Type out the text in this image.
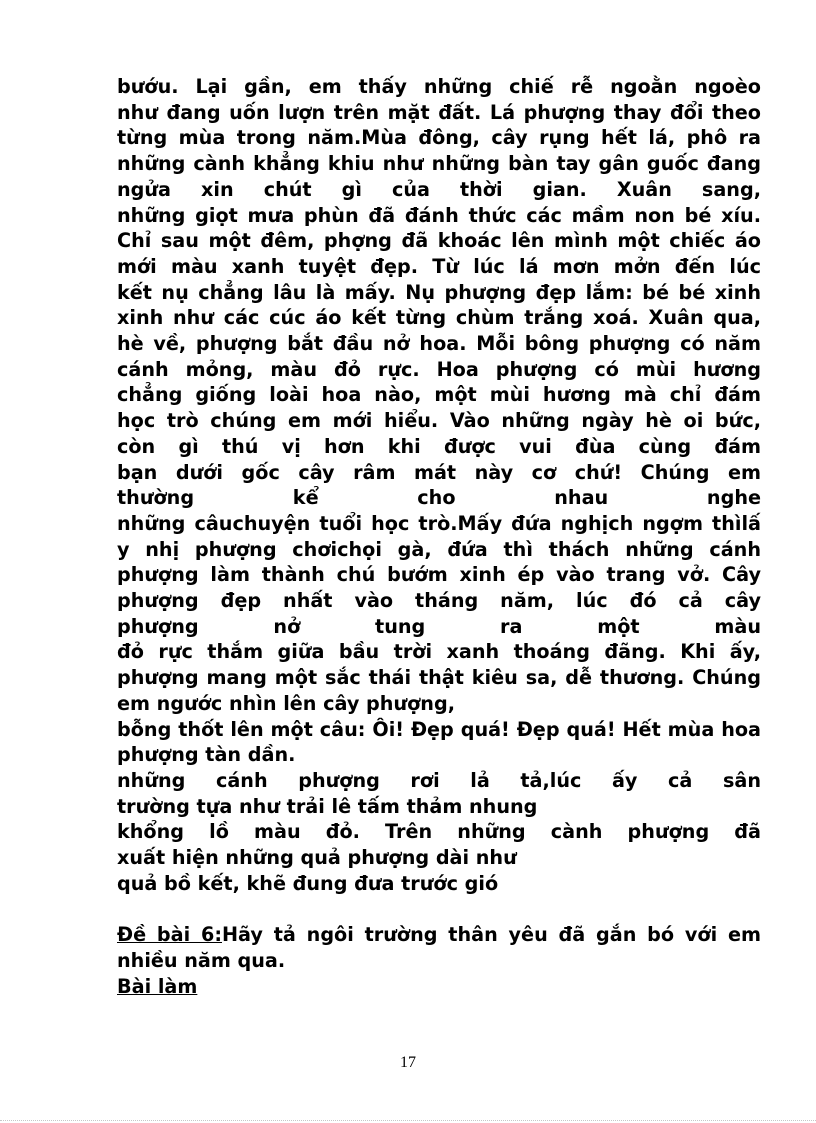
bướu. Lại gần, em thấy những chiế rễ ngoằn ngoèo
như đang uốn lượn trên mặt đất. Lá phượng thay đổi theo
từng mùa trong năm.Mùa đông, cây rụng hết lá, phô ra
những cành khẳng khiu như những bàn tay gân guốc đang
ngửa xin chút gì của thời gian. Xuân sang,
những giọt mưa phùn đã đánh thức các mầm non bé xíu.
Chỉ sau một đêm, phợng đã khoác lên mình một chiếc áo
mới màu xanh tuyệt đẹp. Từ lúc lá mơn mởn đến lúc
kết nụ chẳng lâu là mấy. Nụ phượng đẹp lắm: bé bé xinh
xinh như các cúc áo kết từng chùm trắng xoá. Xuân qua,
hè về, phượng bắt đầu nở hoa. Mỗi bông phượng có năm
cánh mỏng, màu đỏ rực. Hoa phượng có mùi hương
chẳng giống loài hoa nào, một mùi hương mà chỉ đám
học trò chúng em mới hiểu. Vào những ngày hè oi bức,
còn gì thú vị hơn khi được vui đùa cùng đám
bạn dưới gốc cây râm mát này cơ chứ! Chúng em
thường kể cho nhau nghe
những câuchuyện tuổi học trò.Mấy đứa nghịch ngợm thìlấ
y nhị phượng chơichọi gà, đứa thì thách những cánh
phượng làm thành chú bướm xinh ép vào trang vở. Cây
phượng đẹp nhất vào tháng năm, lúc đó cả cây
phượng nở tung ra một màu
đỏ rực thắm giữa bầu trời xanh thoáng đãng. Khi ấy,
phượng mang một sắc thái thật kiêu sa, dễ thương. Chúng
em ngước nhìn lên cây phượng,
bỗng thốt lên một câu: Ôi! Đẹp quá! Đẹp quá! Hết mùa hoa
phượng tàn dần.
những cánh phượng rơi lả tả,lúc ấy cả sân
trường tựa như trải lê tấm thảm nhung
khổng lồ màu đỏ. Trên những cành phượng đã
xuất hiện những quả phượng dài như
quả bồ kết, khẽ đung đưa trước gió
Đề bài 6:Hãy tả ngôi trường thân yêu đã gắn bó với em
nhiều năm qua.
Bài làm
17
